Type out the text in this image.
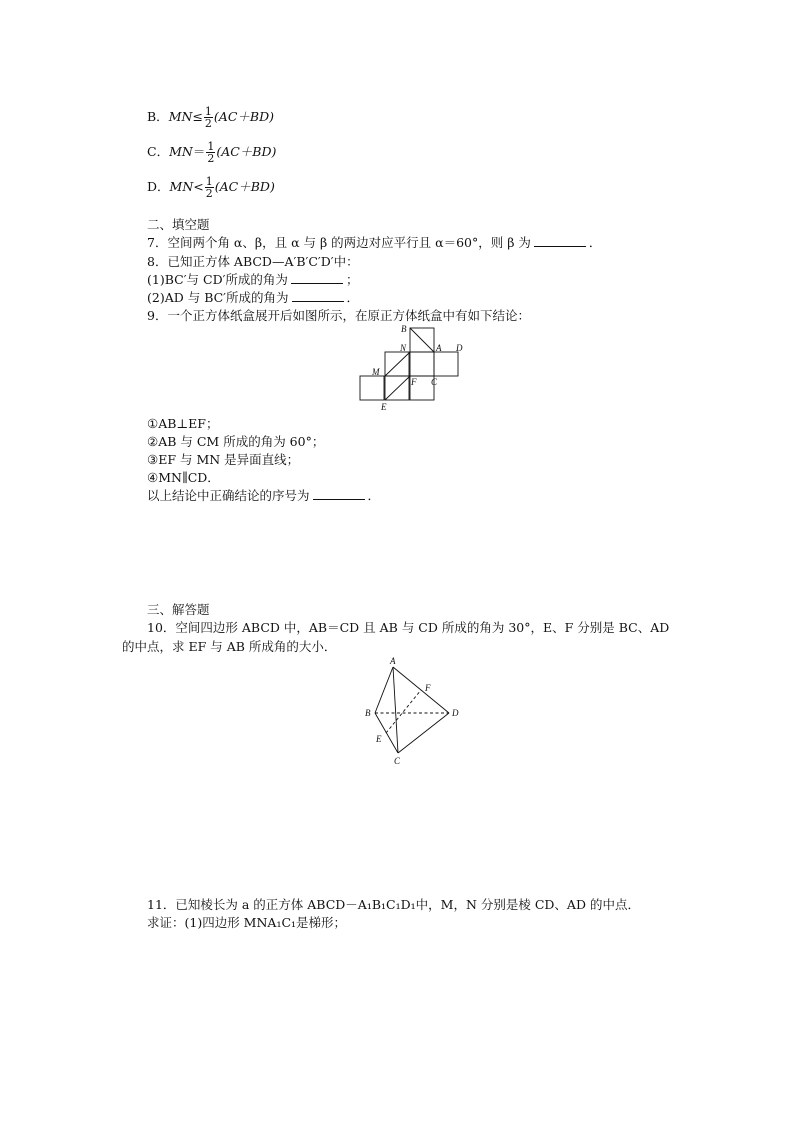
B．$MN\le \frac{1}{2} (AC+BD)$
C．$MN= \frac{1}{2} (AC+BD)$
D．$MN< \frac{1}{2} (AC+BD)$
二、填空题
7．空间两个角 α、β，且 α 与 β 的两边对应平行且 α＝60°，则 β 为	．
8．已知正方体 ABCD—A′B′C′D′中：
(1)BC′与 CD′所成的角为	；
(2)AD 与 BC′所成的角为	．
9．一个正方体纸盒展开后如图所示，在原正方体纸盒中有如下结论：
B
N	A D
M
F C
E
①AB⊥EF；
②AB 与 CM 所成的角为 60°；
③EF 与 MN 是异面直线；
④MN∥CD．
以上结论中正确结论的序号为	．
三、解答题
10．空间四边形 ABCD 中，AB＝CD 且 AB 与 CD 所成的角为 30°，E、F 分别是 BC、AD
的中点，求 EF 与 AB 所成角的大小．
A
B	D
F
E
C
11．已知棱长为 a 的正方体 ABCD－A₁B₁C₁D₁中，M，N 分别是棱 CD、AD 的中点．
求证：(1)四边形 MNA₁C₁是梯形；
